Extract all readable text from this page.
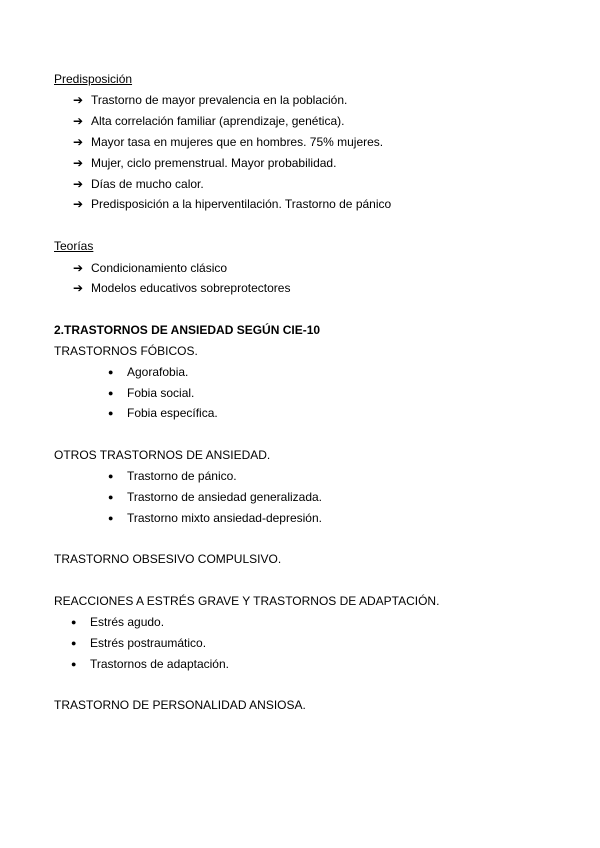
Predisposición
➔ Trastorno de mayor prevalencia en la población.
➔ Alta correlación familiar (aprendizaje, genética).
➔ Mayor tasa en mujeres que en hombres. 75% mujeres.
➔ Mujer, ciclo premenstrual. Mayor probabilidad.
➔ Días de mucho calor.
➔ Predisposición a la hiperventilación. Trastorno de pánico
Teorías
➔ Condicionamiento clásico
➔ Modelos educativos sobreprotectores
2.TRASTORNOS DE ANSIEDAD SEGÚN CIE-10
TRASTORNOS FÓBICOS.
● Agorafobia.
● Fobia social.
● Fobia específica.
OTROS TRASTORNOS DE ANSIEDAD.
● Trastorno de pánico.
● Trastorno de ansiedad generalizada.
● Trastorno mixto ansiedad-depresión.
TRASTORNO OBSESIVO COMPULSIVO.
REACCIONES A ESTRÉS GRAVE Y TRASTORNOS DE ADAPTACIÓN.
● Estrés agudo.
● Estrés postraumático.
● Trastornos de adaptación.
TRASTORNO DE PERSONALIDAD ANSIOSA.
